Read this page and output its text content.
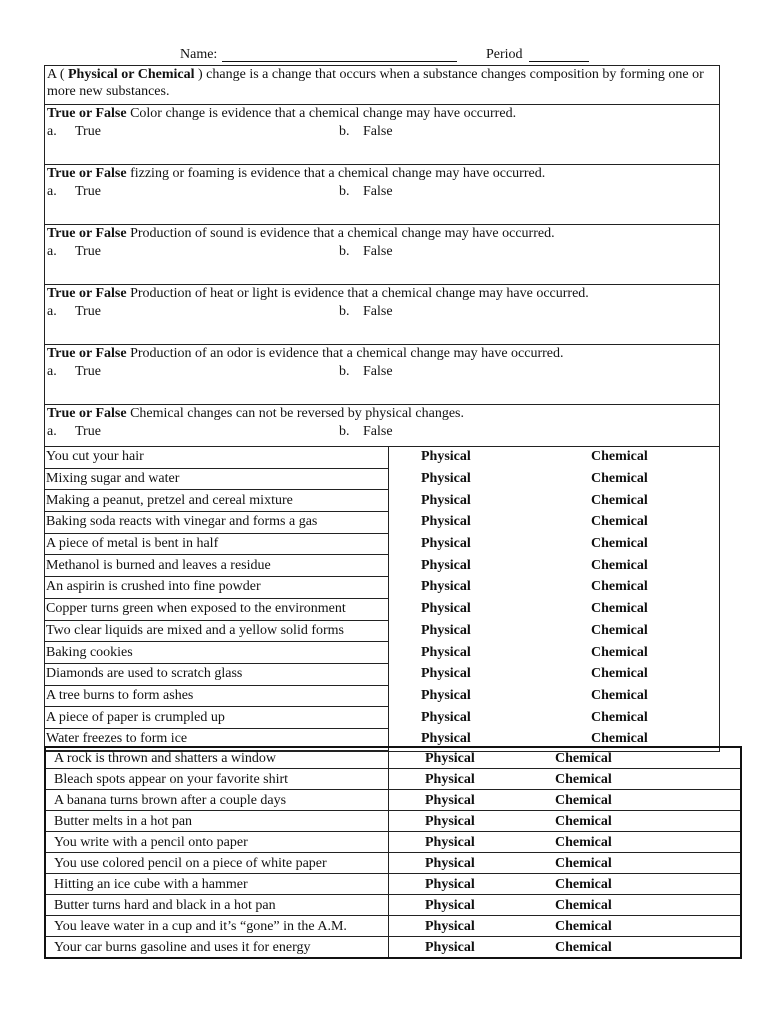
Name:	Period
A ( Physical or Chemical ) change is a change that occurs when a substance changes composition by forming one or more new substances.
True or False Color change is evidence that a chemical change may have occurred.
a. True	b. False
True or False fizzing or foaming is evidence that a chemical change may have occurred.
a. True	b. False
True or False Production of sound is evidence that a chemical change may have occurred.
a. True	b. False
True or False Production of heat or light is evidence that a chemical change may have occurred.
a. True	b. False
True or False Production of an odor is evidence that a chemical change may have occurred.
a. True	b. False
True or False Chemical changes can not be reversed by physical changes.
a. True	b. False
You cut your hair	Physical	Chemical
Mixing sugar and water	Physical	Chemical
Making a peanut, pretzel and cereal mixture	Physical	Chemical
Baking soda reacts with vinegar and forms a gas	Physical	Chemical
A piece of metal is bent in half	Physical	Chemical
Methanol is burned and leaves a residue	Physical	Chemical
An aspirin is crushed into fine powder	Physical	Chemical
Copper turns green when exposed to the environment	Physical	Chemical
Two clear liquids are mixed and a yellow solid forms	Physical	Chemical
Baking cookies	Physical	Chemical
Diamonds are used to scratch glass	Physical	Chemical
A tree burns to form ashes	Physical	Chemical
A piece of paper is crumpled up	Physical	Chemical
Water freezes to form ice	Physical	Chemical
A rock is thrown and shatters a window	Physical	Chemical
Bleach spots appear on your favorite shirt	Physical	Chemical
A banana turns brown after a couple days	Physical	Chemical
Butter melts in a hot pan	Physical	Chemical
You write with a pencil onto paper	Physical	Chemical
You use colored pencil on a piece of white paper	Physical	Chemical
Hitting an ice cube with a hammer	Physical	Chemical
Butter turns hard and black in a hot pan	Physical	Chemical
You leave water in a cup and it’s “gone” in the A.M.	Physical	Chemical
Your car burns gasoline and uses it for energy	Physical	Chemical
